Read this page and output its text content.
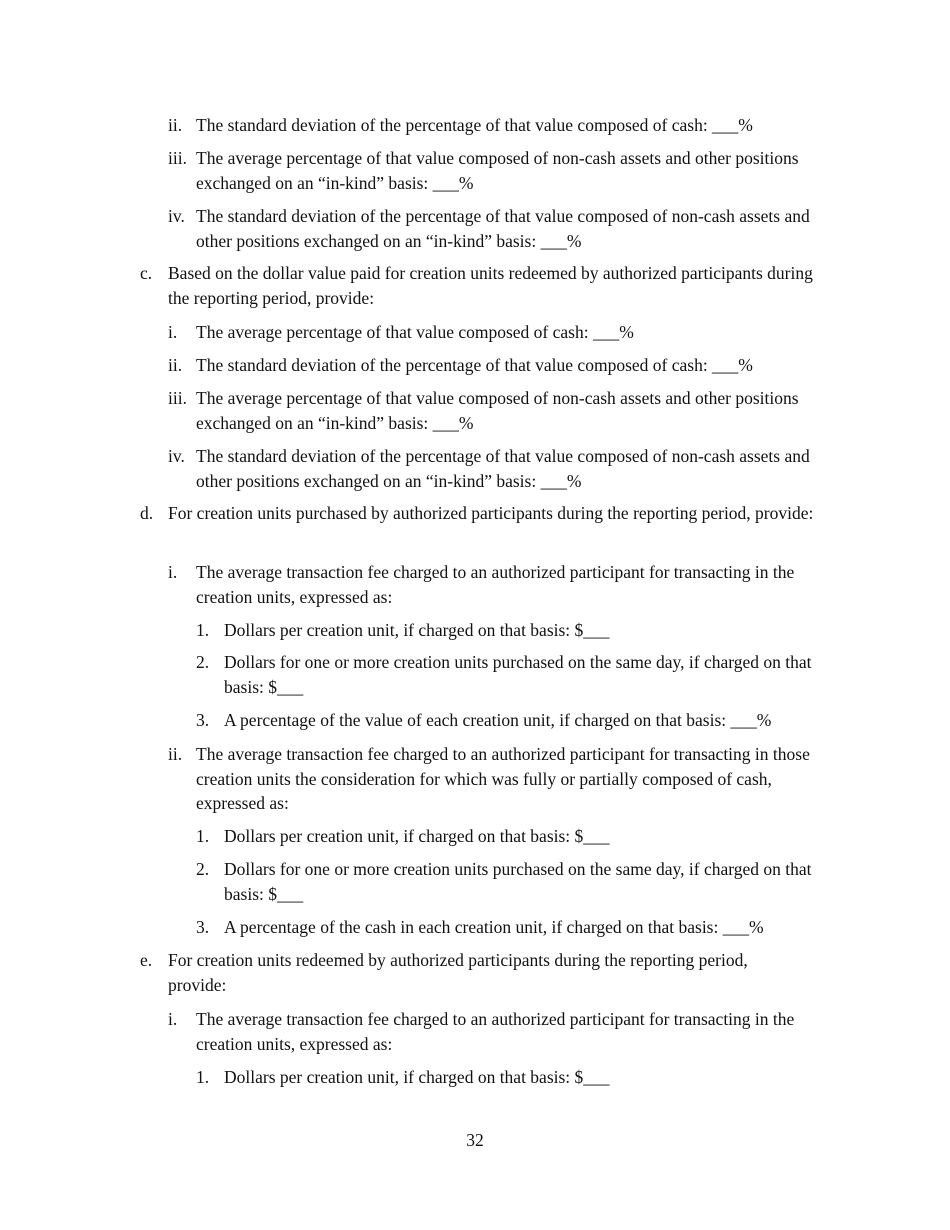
ii. The standard deviation of the percentage of that value composed of cash: ___%
iii. The average percentage of that value composed of non-cash assets and other positions exchanged on an “in-kind” basis: ___%
iv. The standard deviation of the percentage of that value composed of non-cash assets and other positions exchanged on an “in-kind” basis: ___%
c. Based on the dollar value paid for creation units redeemed by authorized participants during the reporting period, provide:
i. The average percentage of that value composed of cash: ___%
ii. The standard deviation of the percentage of that value composed of cash: ___%
iii. The average percentage of that value composed of non-cash assets and other positions exchanged on an “in-kind” basis: ___%
iv. The standard deviation of the percentage of that value composed of non-cash assets and other positions exchanged on an “in-kind” basis: ___%
d. For creation units purchased by authorized participants during the reporting period, provide:
i. The average transaction fee charged to an authorized participant for transacting in the creation units, expressed as:
1. Dollars per creation unit, if charged on that basis: $___
2. Dollars for one or more creation units purchased on the same day, if charged on that basis: $___
3. A percentage of the value of each creation unit, if charged on that basis: ___%
ii. The average transaction fee charged to an authorized participant for transacting in those creation units the consideration for which was fully or partially composed of cash, expressed as:
1. Dollars per creation unit, if charged on that basis: $___
2. Dollars for one or more creation units purchased on the same day, if charged on that basis: $___
3. A percentage of the cash in each creation unit, if charged on that basis: ___%
e. For creation units redeemed by authorized participants during the reporting period, provide:
i. The average transaction fee charged to an authorized participant for transacting in the creation units, expressed as:
1. Dollars per creation unit, if charged on that basis: $___
32
